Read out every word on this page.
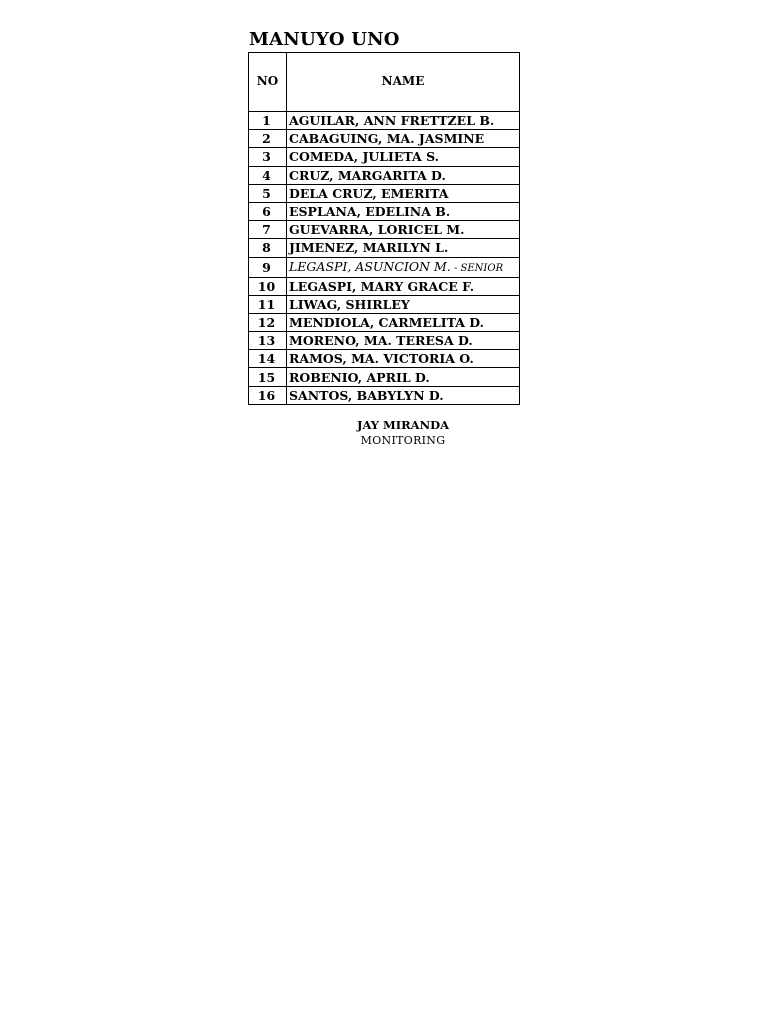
MANUYO UNO
NO	NAME
1	AGUILAR, ANN FRETTZEL B.
2	CABAGUING, MA. JASMINE
3	COMEDA, JULIETA S.
4	CRUZ, MARGARITA D.
5	DELA CRUZ, EMERITA
6	ESPLANA, EDELINA B.
7	GUEVARRA, LORICEL M.
8	JIMENEZ, MARILYN L.
9	LEGASPI, ASUNCION M. - SENIOR
10	LEGASPI, MARY GRACE F.
11	LIWAG, SHIRLEY
12	MENDIOLA, CARMELITA D.
13	MORENO, MA. TERESA D.
14	RAMOS, MA. VICTORIA O.
15	ROBENIO, APRIL D.
16	SANTOS, BABYLYN D.
JAY MIRANDA
MONITORING
